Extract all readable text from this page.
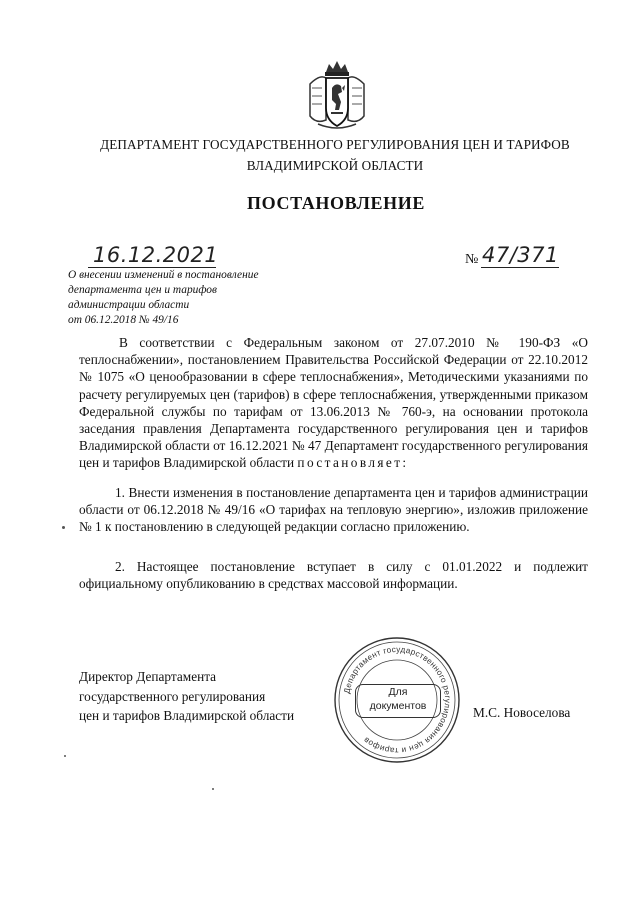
ДЕПАРТАМЕНТ ГОСУДАРСТВЕННОГО РЕГУЛИРОВАНИЯ ЦЕН И ТАРИФОВ
ВЛАДИМИРСКОЙ ОБЛАСТИ
ПОСТАНОВЛЕНИЕ
16.12.2021	№ 47/371
О внесении изменений в постановление
департамента цен и тарифов
администрации области
от 06.12.2018 № 49/16
В соответствии с Федеральным законом от 27.07.2010 № 190-ФЗ «О теплоснабжении», постановлением Правительства Российской Федерации от 22.10.2012 № 1075 «О ценообразовании в сфере теплоснабжения», Методическими указаниями по расчету регулируемых цен (тарифов) в сфере теплоснабжения, утвержденными приказом Федеральной службы по тарифам от 13.06.2013 № 760-э, на основании протокола заседания правления Департамента государственного регулирования цен и тарифов Владимирской области от 16.12.2021 № 47 Департамент государственного регулирования цен и тарифов Владимирской области постановляет:
1. Внести изменения в постановление департамента цен и тарифов администрации области от 06.12.2018 № 49/16 «О тарифах на тепловую энергию», изложив приложение № 1 к постановлению в следующей редакции согласно приложению.
2. Настоящее постановление вступает в силу с 01.01.2022 и подлежит официальному опубликованию в средствах массовой информации.
Директор Департамента
государственного регулирования
цен и тарифов Владимирской области
Департамент государственного регулирования цен и тарифов
Для
документов	М.С. Новоселова
